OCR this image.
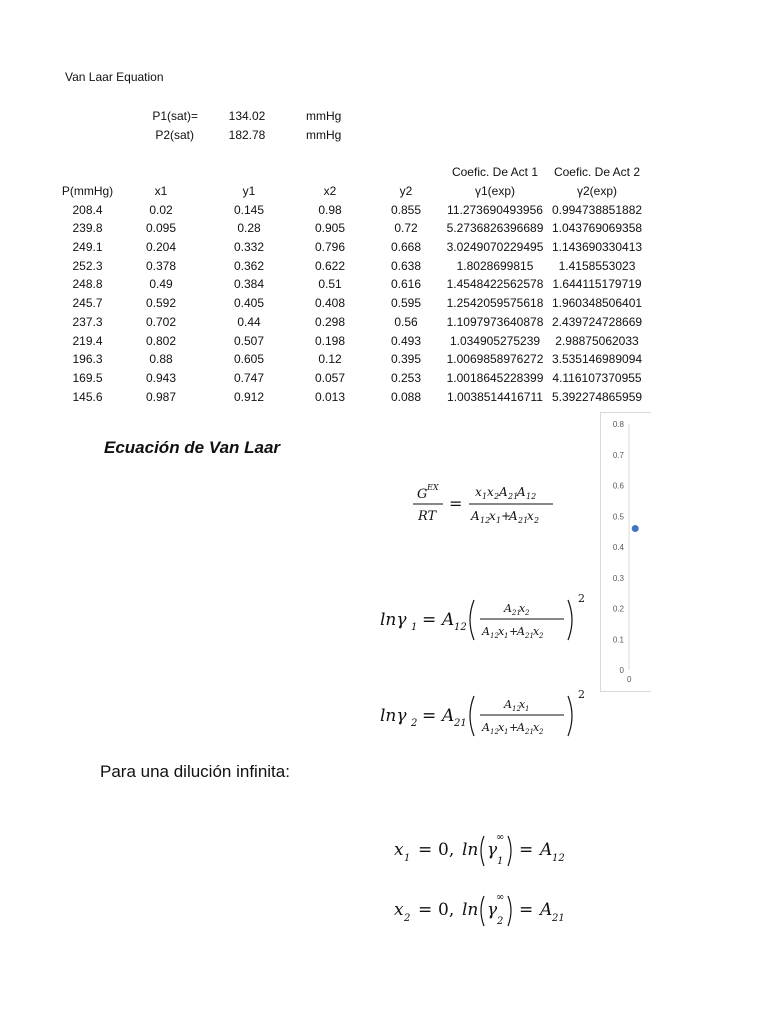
Van Laar Equation
P1(sat)=	134.02	mmHg
P2(sat)	182.78	mmHg
					Coefic. De Act 1	Coefic. De Act 2
P(mmHg)	x1	y1	x2	y2	γ1(exp)	γ2(exp)
208.4	0.02	0.145	0.98	0.855	11.273690493956	0.994738851882
239.8	0.095	0.28	0.905	0.72	5.2736826396689	1.043769069358
249.1	0.204	0.332	0.796	0.668	3.0249070229495	1.143690330413
252.3	0.378	0.362	0.622	0.638	1.8028699815	1.4158553023
248.8	0.49	0.384	0.51	0.616	1.4548422562578	1.644115179719
245.7	0.592	0.405	0.408	0.595	1.2542059575618	1.960348506401
237.3	0.702	0.44	0.298	0.56	1.1097973640878	2.439724728669
219.4	0.802	0.507	0.198	0.493	1.034905275239	2.98875062033
196.3	0.88	0.605	0.12	0.395	1.0069858976272	3.535146989094
169.5	0.943	0.747	0.057	0.253	1.0018645228399	4.116107370955
145.6	0.987	0.912	0.013	0.088	1.0038514416711	5.392274865959
Ecuación de Van Laar
G EX
RT
=
x 1 x 2 A 21
A 12
A 12
x 1 +
A 21
x 2
lnγ 1 = A 12
A 21
x 2
A 12 x 1 +
A 21 x 2
2
lnγ 2 = A 21
A 12
x 1
A 12 x 1 +
A 21 x 2
2
Para una dilución infinita:
x 1 = 0, ln γ
∞
1
= A 12
x 2 = 0, ln γ
∞
2
= A 21
0.8
0.7
0.6
0.5
0.4
0.3
0.2
0.1
0
0
